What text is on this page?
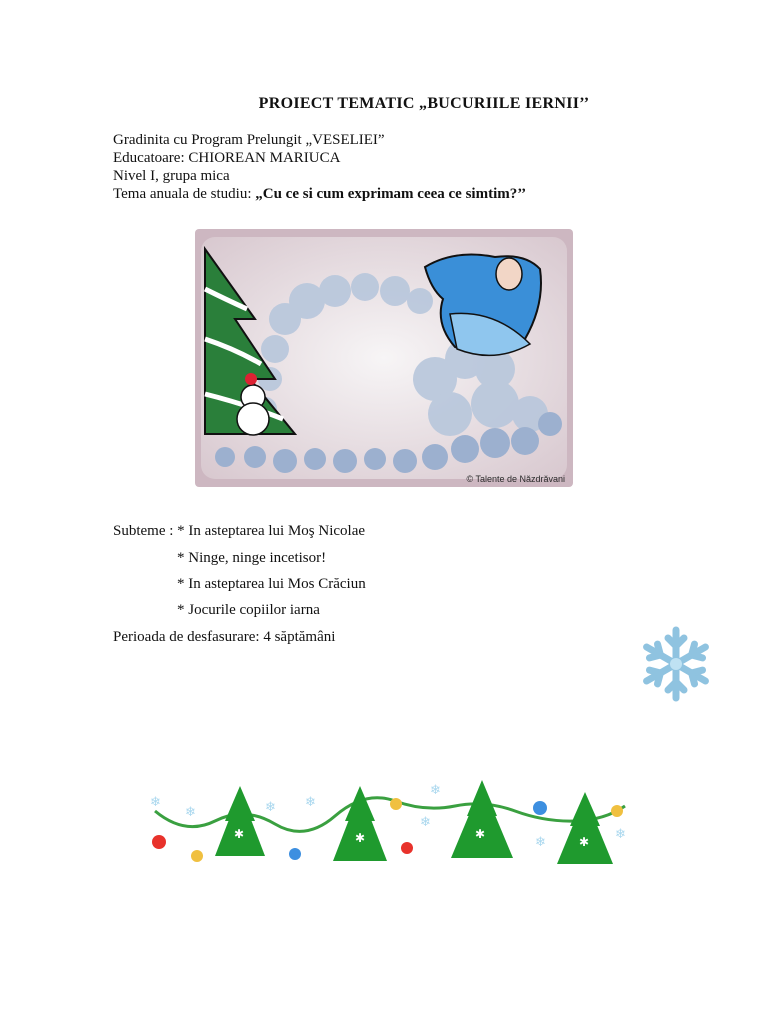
PROIECT TEMATIC „BUCURIILE IERNII’’
Gradinita cu Program Prelungit „VESELIEI”
Educatoare: CHIOREAN MARIUCA
Nivel I, grupa mica
Tema anuala de studiu: „Cu ce si cum exprimam ceea ce simtim?’’
© Talente de Năzdrăvani
Subteme : * In asteptarea lui Moş Nicolae
* Ninge, ninge incetisor!
* In asteptarea lui Mos Crăciun
* Jocurile copiilor iarna
Perioada de desfasurare: 4 săptămâni
✱	✱	✱
✱
❄
❄
❄
❄
❄
❄
❄
❄
